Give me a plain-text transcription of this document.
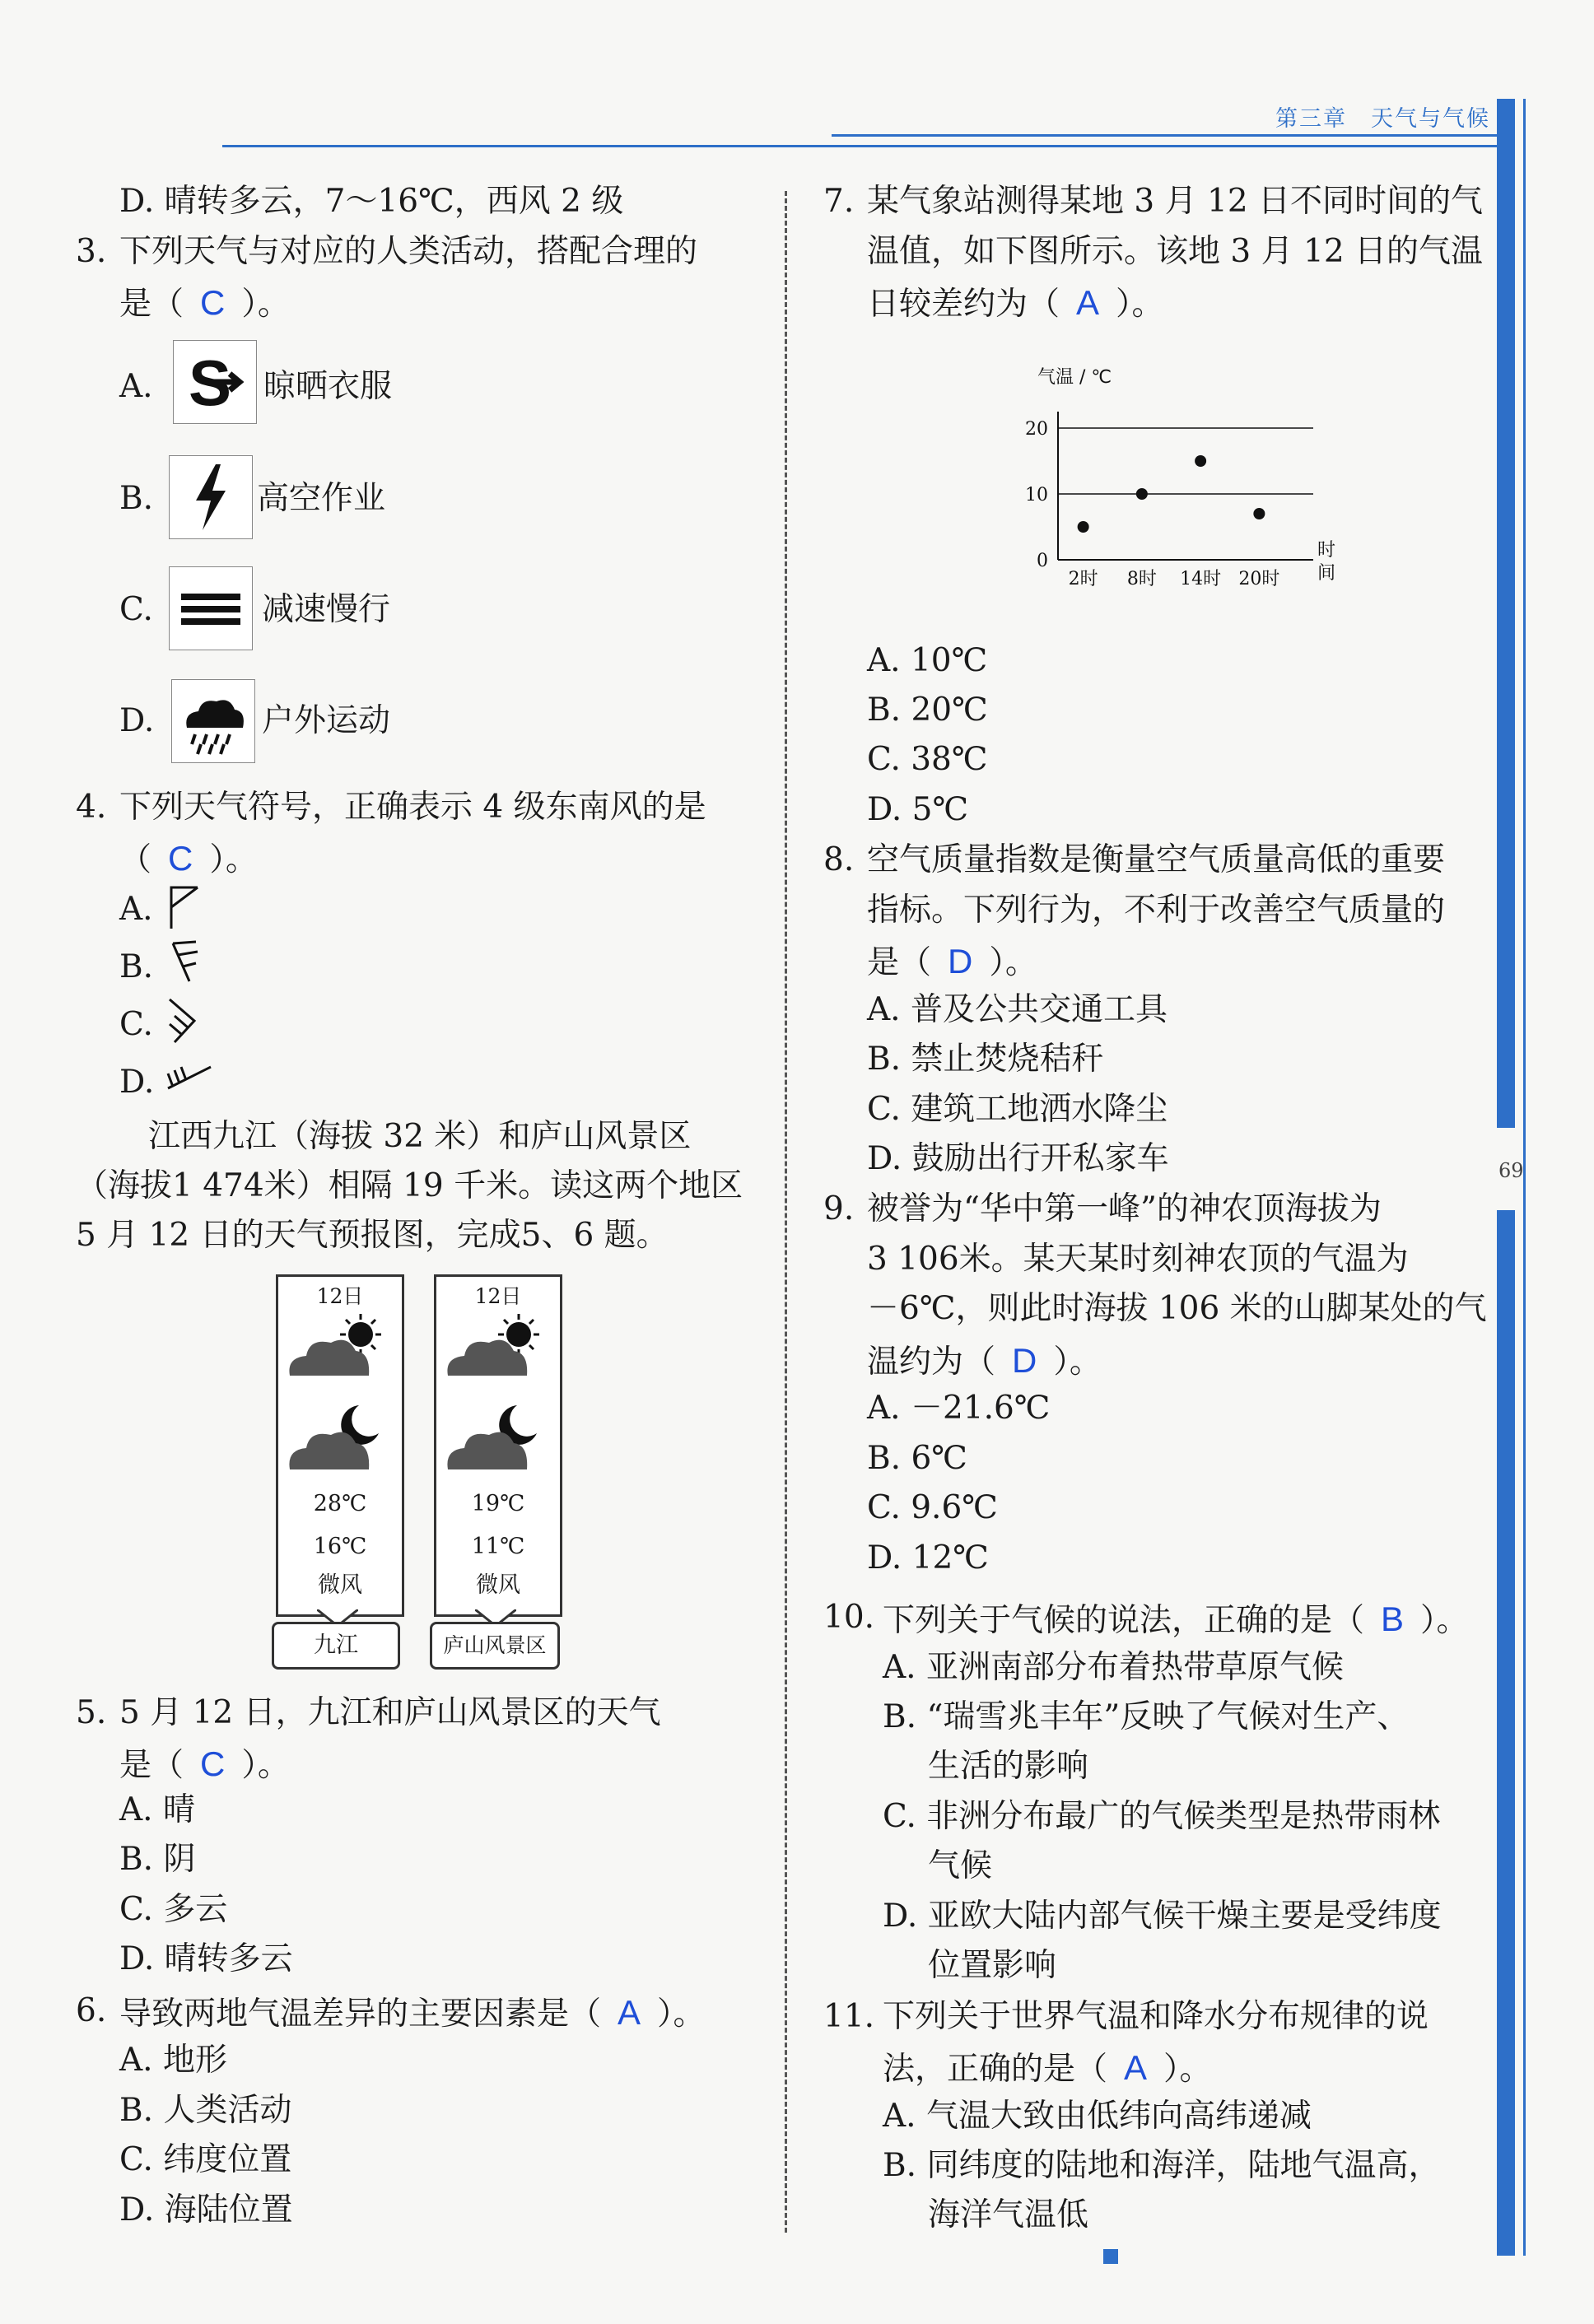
第三章　天气与气候
69
D. 晴转多云，7～16℃，西风 2 级
3. 下列天气与对应的人类活动，搭配合理的
是（ C ）。
A. S 晾晒衣服
B.	高空作业
C.	减速慢行
D.	户外运动
4. 下列天气符号，正确表示 4 级东南风的是
（ C ）。
A.
B.
C.
D.
江西九江（海拔 32 米）和庐山风景区
（海拔1 474米）相隔 19 千米。读这两个地区
5 月 12 日的天气预报图，完成5、6 题。
12日
28℃
16℃
微风
九江
12日
19℃
11℃
微风
庐山风景区
5. 5 月 12 日，九江和庐山风景区的天气
是（ C ）。
A. 晴
B. 阴
C. 多云
D. 晴转多云
6. 导致两地气温差异的主要因素是（ A ）。
A. 地形
B. 人类活动
C. 纬度位置
D. 海陆位置
7. 某气象站测得某地 3 月 12 日不同时间的气
温值，如下图所示。该地 3 月 12 日的气温
日较差约为（ A ）。
气温 / ℃
时
间
0
10
20
2时 8时 14时 20时
A. 10℃
B. 20℃
C. 38℃
D. 5℃
8. 空气质量指数是衡量空气质量高低的重要
指标。下列行为，不利于改善空气质量的
是（ D ）。
A. 普及公共交通工具
B. 禁止焚烧秸秆
C. 建筑工地洒水降尘
D. 鼓励出行开私家车
9. 被誉为“华中第一峰”的神农顶海拔为
3 106米。某天某时刻神农顶的气温为
－6℃，则此时海拔 106 米的山脚某处的气
温约为（ D ）。
A. －21.6℃
B. 6℃
C. 9.6℃
D. 12℃
10. 下列关于气候的说法，正确的是（ B ）。
A. 亚洲南部分布着热带草原气候
B. “瑞雪兆丰年”反映了气候对生产、
生活的影响
C. 非洲分布最广的气候类型是热带雨林
气候
D. 亚欧大陆内部气候干燥主要是受纬度
位置影响
11. 下列关于世界气温和降水分布规律的说
法，正确的是（ A ）。
A. 气温大致由低纬向高纬递减
B. 同纬度的陆地和海洋，陆地气温高，
海洋气温低
